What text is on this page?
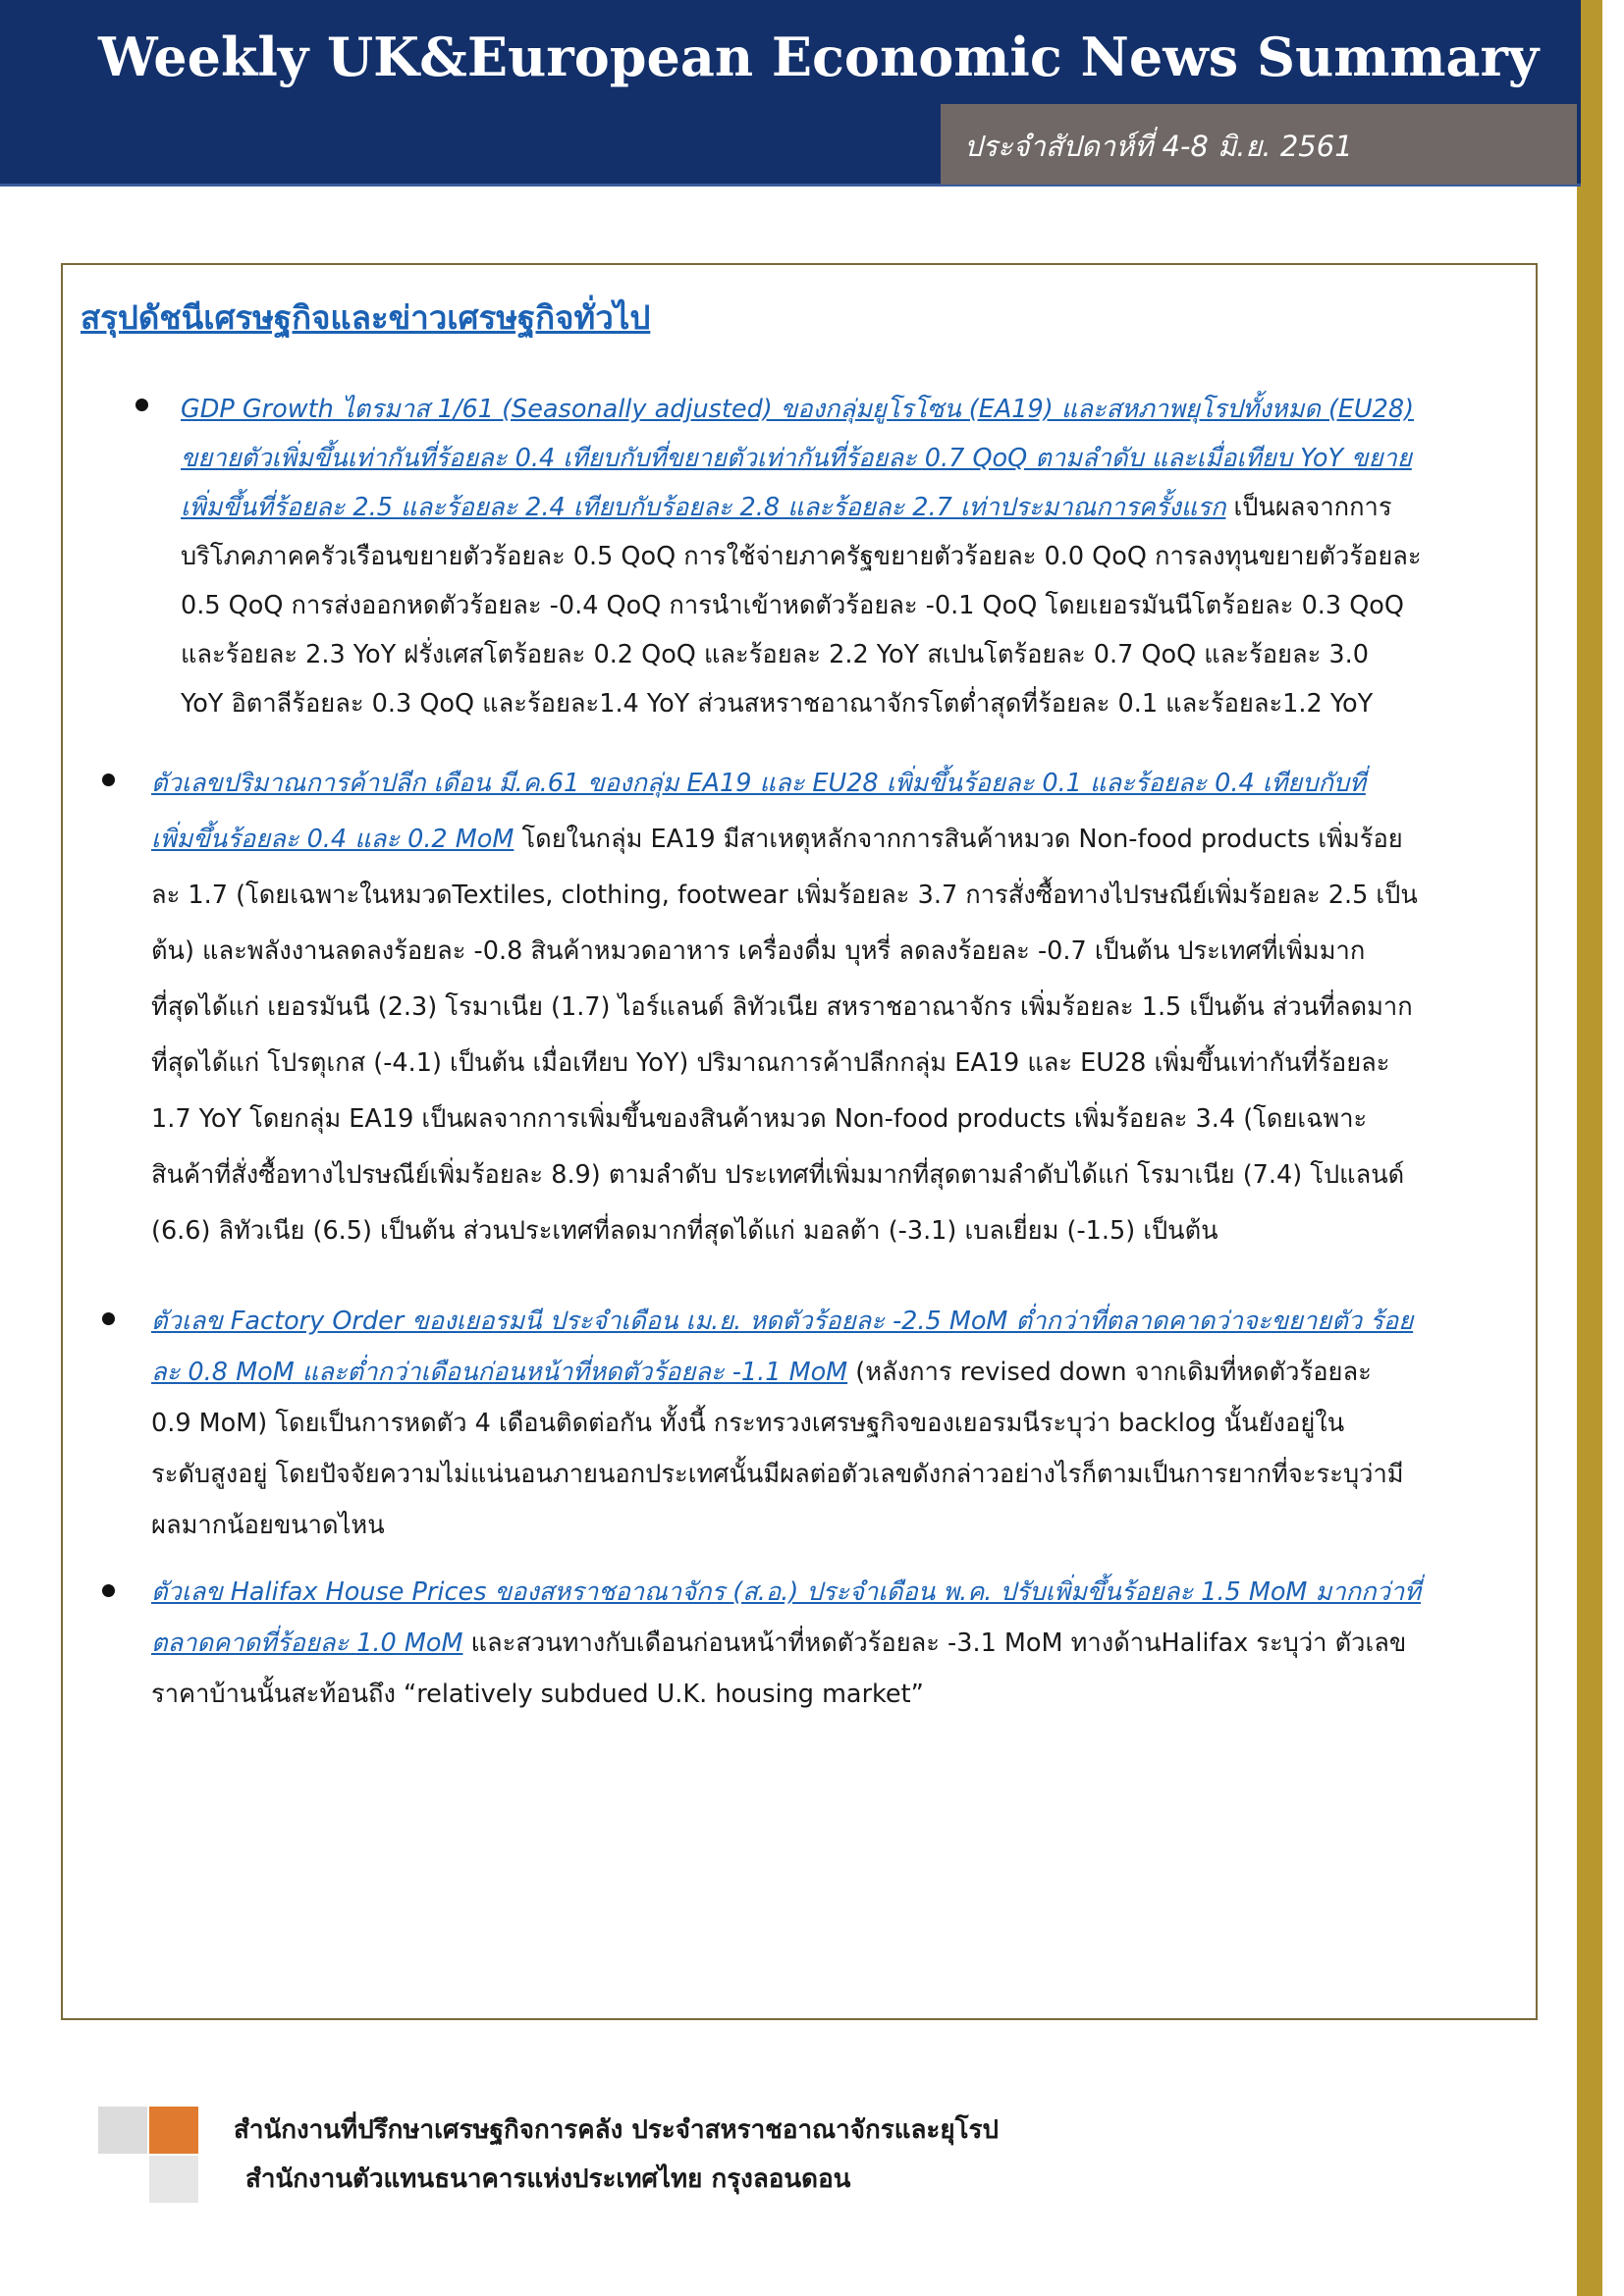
Weekly UK&European Economic News Summary
ประจำสัปดาห์ที่ 4-8 มิ.ย. 2561
สรุปดัชนีเศรษฐกิจและข่าวเศรษฐกิจทั่วไป
GDP Growth ไตรมาส 1/61 (Seasonally adjusted) ของกลุ่มยูโรโซน (EA19) และสหภาพยุโรปทั้งหมด (EU28)
ขยายตัวเพิ่มขึ้นเท่ากันที่ร้อยละ 0.4 เทียบกับที่ขยายตัวเท่ากันที่ร้อยละ 0.7 QoQ ตามลำดับ และเมื่อเทียบ YoY ขยาย
เพิ่มขึ้นที่ร้อยละ 2.5 และร้อยละ 2.4 เทียบกับร้อยละ 2.8 และร้อยละ 2.7 เท่าประมาณการครั้งแรก เป็นผลจากการ
บริโภคภาคครัวเรือนขยายตัวร้อยละ 0.5 QoQ การใช้จ่ายภาครัฐขยายตัวร้อยละ 0.0 QoQ การลงทุนขยายตัวร้อยละ
0.5 QoQ การส่งออกหดตัวร้อยละ -0.4 QoQ การนำเข้าหดตัวร้อยละ -0.1 QoQ โดยเยอรมันนีโตร้อยละ 0.3 QoQ
และร้อยละ 2.3 YoY ฝรั่งเศสโตร้อยละ 0.2 QoQ และร้อยละ 2.2 YoY สเปนโตร้อยละ 0.7 QoQ และร้อยละ 3.0
YoY อิตาลีร้อยละ 0.3 QoQ และร้อยละ1.4 YoY ส่วนสหราชอาณาจักรโตต่ำสุดที่ร้อยละ 0.1 และร้อยละ1.2 YoY
ตัวเลขปริมาณการค้าปลีก เดือน มี.ค.61 ของกลุ่ม EA19 และ EU28 เพิ่มขึ้นร้อยละ 0.1 และร้อยละ 0.4 เทียบกับที่
เพิ่มขึ้นร้อยละ 0.4 และ 0.2 MoM โดยในกลุ่ม EA19 มีสาเหตุหลักจากการสินค้าหมวด Non-food products เพิ่มร้อย
ละ 1.7 (โดยเฉพาะในหมวดTextiles, clothing, footwear เพิ่มร้อยละ 3.7 การสั่งซื้อทางไปรษณีย์เพิ่มร้อยละ 2.5 เป็น
ต้น) และพลังงานลดลงร้อยละ -0.8 สินค้าหมวดอาหาร เครื่องดื่ม บุหรี่ ลดลงร้อยละ -0.7 เป็นต้น ประเทศที่เพิ่มมาก
ที่สุดได้แก่ เยอรมันนี (2.3) โรมาเนีย (1.7) ไอร์แลนด์ ลิทัวเนีย สหราชอาณาจักร เพิ่มร้อยละ 1.5 เป็นต้น ส่วนที่ลดมาก
ที่สุดได้แก่ โปรตุเกส (-4.1) เป็นต้น เมื่อเทียบ YoY) ปริมาณการค้าปลีกกลุ่ม EA19 และ EU28 เพิ่มขึ้นเท่ากันที่ร้อยละ
1.7 YoY โดยกลุ่ม EA19 เป็นผลจากการเพิ่มขึ้นของสินค้าหมวด Non-food products เพิ่มร้อยละ 3.4 (โดยเฉพาะ
สินค้าที่สั่งซื้อทางไปรษณีย์เพิ่มร้อยละ 8.9) ตามลำดับ ประเทศที่เพิ่มมากที่สุดตามลำดับได้แก่ โรมาเนีย (7.4) โปแลนด์
(6.6) ลิทัวเนีย (6.5) เป็นต้น ส่วนประเทศที่ลดมากที่สุดได้แก่ มอลต้า (-3.1) เบลเยี่ยม (-1.5) เป็นต้น
ตัวเลข Factory Order ของเยอรมนี ประจำเดือน เม.ย. หดตัวร้อยละ -2.5 MoM ต่ำกว่าที่ตลาดคาดว่าจะขยายตัว ร้อย
ละ 0.8 MoM และต่ำกว่าเดือนก่อนหน้าที่หดตัวร้อยละ -1.1 MoM (หลังการ revised down จากเดิมที่หดตัวร้อยละ
0.9 MoM) โดยเป็นการหดตัว 4 เดือนติดต่อกัน ทั้งนี้ กระทรวงเศรษฐกิจของเยอรมนีระบุว่า backlog นั้นยังอยู่ใน
ระดับสูงอยู่ โดยปัจจัยความไม่แน่นอนภายนอกประเทศนั้นมีผลต่อตัวเลขดังกล่าวอย่างไรก็ตามเป็นการยากที่จะระบุว่ามี
ผลมากน้อยขนาดไหน
ตัวเลข Halifax House Prices ของสหราชอาณาจักร (ส.อ.) ประจำเดือน พ.ค. ปรับเพิ่มขึ้นร้อยละ 1.5 MoM มากกว่าที่
ตลาดคาดที่ร้อยละ 1.0 MoM และสวนทางกับเดือนก่อนหน้าที่หดตัวร้อยละ -3.1 MoM ทางด้านHalifax ระบุว่า ตัวเลข
ราคาบ้านนั้นสะท้อนถึง “relatively subdued U.K. housing market”
สำนักงานที่ปรึกษาเศรษฐกิจการคลัง ประจำสหราชอาณาจักรและยุโรป
สำนักงานตัวแทนธนาคารแห่งประเทศไทย กรุงลอนดอน
